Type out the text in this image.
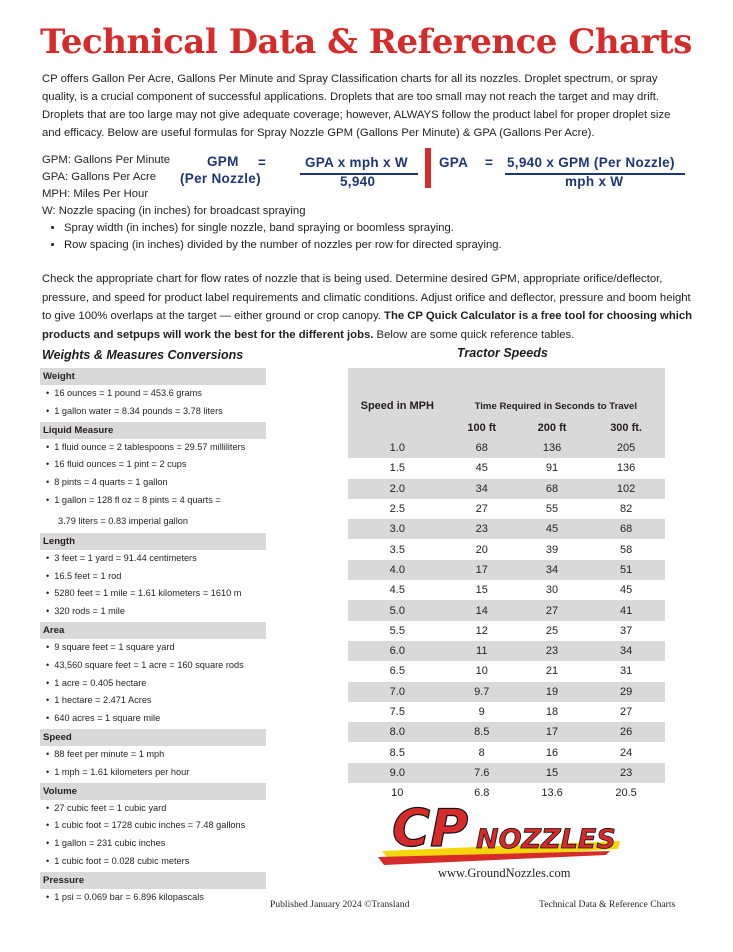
Technical Data & Reference Charts

CP offers Gallon Per Acre, Gallons Per Minute and Spray Classification charts for all its nozzles. Droplet spectrum, or spray quality, is a crucial component of successful applications. Droplets that are too small may not reach the target and may drift. Droplets that are too large may not give adequate coverage; however, ALWAYS follow the product label for proper droplet size and efficacy. Below are useful formulas for Spray Nozzle GPM (Gallons Per Minute) & GPA (Gallons Per Acre).

GPM: Gallons Per Minute
GPA: Gallons Per Acre
MPH: Miles Per Hour
W: Nozzle spacing (in inches) for broadcast spraying
• Spray width (in inches) for single nozzle, band spraying or boomless spraying.
• Row spacing (in inches) divided by the number of nozzles per row for directed spraying.
GPM
(Per Nozzle)
=	GPA x mph x W
5,940
GPA = 5,940 x GPM (Per Nozzle)
mph x W

Check the appropriate chart for flow rates of nozzle that is being used. Determine desired GPM, appropriate orifice/deflector, pressure, and speed for product label requirements and climatic conditions. Adjust orifice and deflector, pressure and boom height to give 100% overlaps at the target — either ground or crop canopy. The CP Quick Calculator is a free tool for choosing which products and setpups will work the best for the different jobs. Below are some quick reference tables.

Weights & Measures Conversions	Tractor Speeds
Weight
• 16 ounces = 1 pound = 453.6 grams
• 1 gallon water = 8.34 pounds = 3.78 liters
Liquid Measure
• 1 fluid ounce = 2 tablespoons = 29.57 milliliters
• 16 fluid ounces = 1 pint = 2 cups
• 8 pints = 4 quarts = 1 gallon
• 1 gallon = 128 fl oz = 8 pints = 4 quarts =
3.79 liters = 0.83 imperial gallon
Length
• 3 feet = 1 yard = 91.44 centimeters
• 16.5 feet = 1 rod
• 5280 feet = 1 mile = 1.61 kilometers = 1610 m
• 320 rods = 1 mile
Area
• 9 square feet = 1 square yard
• 43,560 square feet = 1 acre = 160 square rods
• 1 acre = 0.405 hectare
• 1 hectare = 2.471 Acres
• 640 acres = 1 square mile
Speed
• 88 feet per minute = 1 mph
• 1 mph = 1.61 kilometers per hour
Volume
• 27 cubic feet = 1 cubic yard
• 1 cubic foot = 1728 cubic inches = 7.48 gallons
• 1 gallon = 231 cubic inches
• 1 cubic foot = 0.028 cubic meters
Pressure
• 1 psi = 0.069 bar = 6.896 kilopascals
Speed in MPH	Time Required in Seconds to Travel		
	100 ft	200 ft	300 ft.
1.0	68	136	205
1.5	45	91	136
2.0	34	68	102
2.5	27	55	82
3.0	23	45	68
3.5	20	39	58
4.0	17	34	51
4.5	15	30	45
5.0	14	27	41
5.5	12	25	37
6.0	11	23	34
6.5	10	21	31
7.0	9.7	19	29
7.5	9	18	27
8.0	8.5	17	26
8.5	8	16	24
9.0	7.6	15	23
10	6.8	13.6	20.5
CP NOZZLES
www.GroundNozzles.com
Published January 2024 ©Transland	Technical Data & Reference Charts
